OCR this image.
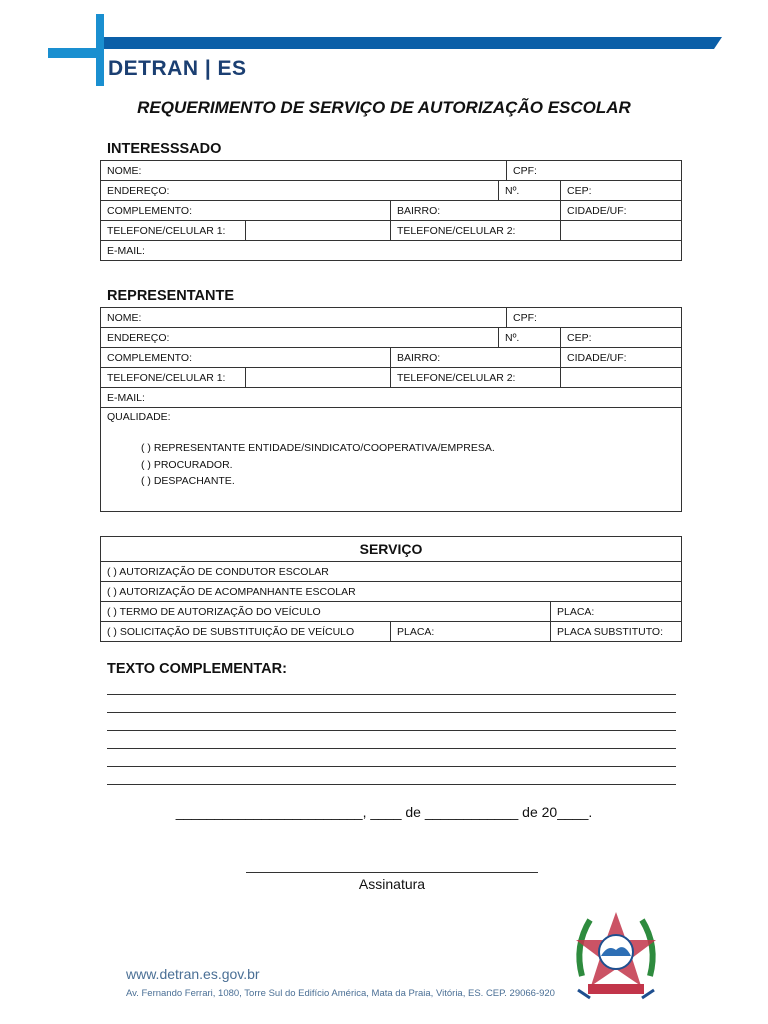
DETRAN | ES
REQUERIMENTO DE SERVIÇO DE AUTORIZAÇÃO ESCOLAR
INTERESSSADO
NOME:				CPF:	
ENDEREÇO:			Nº.		CEP:
COMPLEMENTO:		BAIRRO:			CIDADE/UF:
TELEFONE/CELULAR 1:		TELEFONE/CELULAR 2:			
E-MAIL:					
REPRESENTANTE
NOME:				CPF:	
ENDEREÇO:			Nº.		CEP:
COMPLEMENTO:		BAIRRO:			CIDADE/UF:
TELEFONE/CELULAR 1:		TELEFONE/CELULAR 2:			
E-MAIL:					

QUALIDADE:
( ) REPRESENTANTE ENTIDADE/SINDICATO/COOPERATIVA/EMPRESA.
( ) PROCURADOR.
( ) DESPACHANTE.					
SERVIÇO		
( ) AUTORIZAÇÃO DE CONDUTOR ESCOLAR		
( ) AUTORIZAÇÃO DE ACOMPANHANTE ESCOLAR		
( ) TERMO DE AUTORIZAÇÃO DO VEÍCULO		PLACA:
( ) SOLICITAÇÃO DE SUBSTITUIÇÃO DE VEÍCULO	PLACA:	PLACA SUBSTITUTO:
TEXTO COMPLEMENTAR:
________________________, ____ de ____________ de 20____.
Assinatura
www.detran.es.gov.br
Av. Fernando Ferrari, 1080, Torre Sul do Edifício América, Mata da Praia, Vitória, ES. CEP. 29066-920
